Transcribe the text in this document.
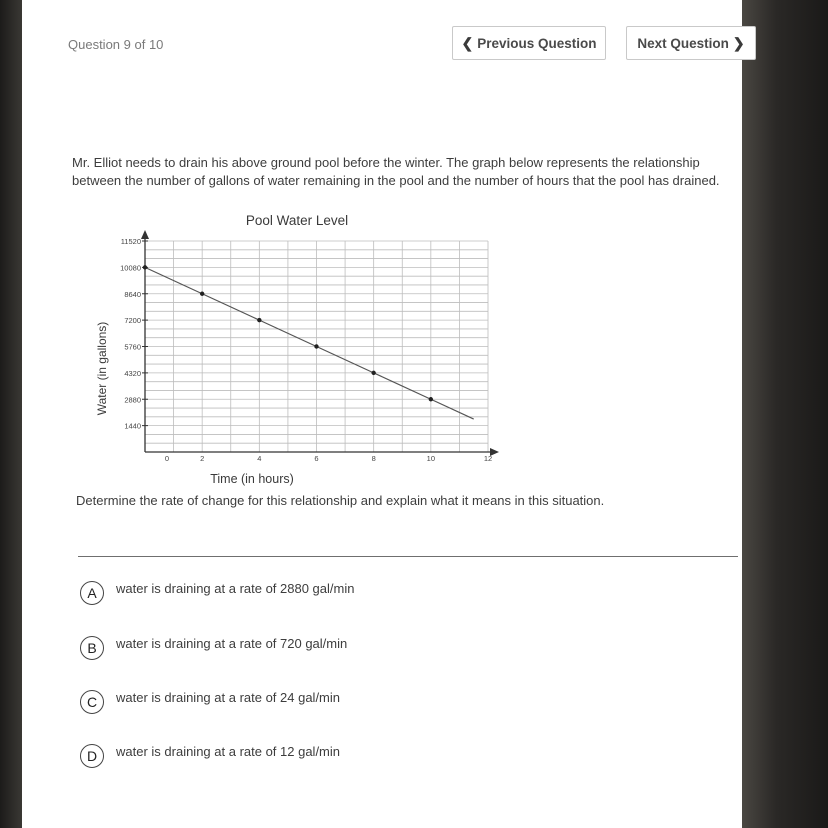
Question 9 of 10	❮ Previous Question	Next Question ❯
Mr. Elliot needs to drain his above ground pool before the winter. The graph below represents the relationship between the number of gallons of water remaining in the pool and the number of hours that the pool has drained.
Pool Water Level
1440
2880
4320
5760
7200
8640
10080
11520
0	2	4	6	8	10	12
Water (in gallons)
Time (in hours)
Determine the rate of change for this relationship and explain what it means in this situation.
A	water is draining at a rate of 2880 gal/min
B	water is draining at a rate of 720 gal/min
C	water is draining at a rate of 24 gal/min
D	water is draining at a rate of 12 gal/min
